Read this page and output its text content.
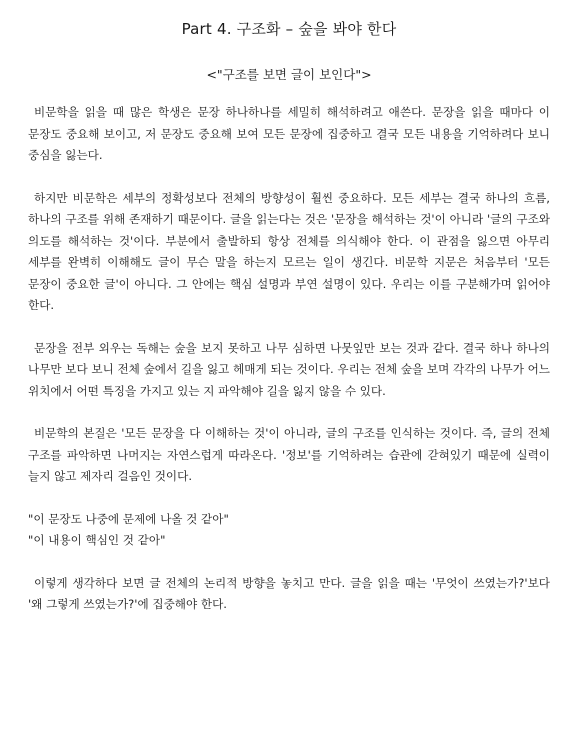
Part 4. 구조화 – 숲을 봐야 한다

<"구조를 보면 글이 보인다">

비문학을 읽을 때 많은 학생은 문장 하나하나를 세밀히 해석하려고 애쓴다. 문장을 읽을 때마다 이 문장도 중요해 보이고, 저 문장도 중요해 보여 모든 문장에 집중하고 결국 모든 내용을 기억하려다 보니 중심을 잃는다.

하지만 비문학은 세부의 정확성보다 전체의 방향성이 훨씬 중요하다. 모든 세부는 결국 하나의 흐름, 하나의 구조를 위해 존재하기 때문이다. 글을 읽는다는 것은 '문장을 해석하는 것'이 아니라 '글의 구조와 의도를 해석하는 것'이다. 부분에서 출발하되 항상 전체를 의식해야 한다. 이 관점을 잃으면 아무리 세부를 완벽히 이해해도 글이 무슨 말을 하는지 모르는 일이 생긴다. 비문학 지문은 처음부터 '모든 문장이 중요한 글'이 아니다. 그 안에는 핵심 설명과 부연 설명이 있다. 우리는 이를 구분해가며 읽어야 한다.

문장을 전부 외우는 독해는 숲을 보지 못하고 나무 심하면 나뭇잎만 보는 것과 같다. 결국 하나 하나의 나무만 보다 보니 전체 숲에서 길을 잃고 헤매게 되는 것이다. 우리는 전체 숲을 보며 각각의 나무가 어느 위치에서 어떤 특징을 가지고 있는 지 파악해야 길을 잃지 않을 수 있다.

비문학의 본질은 '모든 문장을 다 이해하는 것'이 아니라, 글의 구조를 인식하는 것이다. 즉, 글의 전체 구조를 파악하면 나머지는 자연스럽게 따라온다. '정보'를 기억하려는 습관에 갇혀있기 때문에 실력이 늘지 않고 제자리 걸음인 것이다.

"이 문장도 나중에 문제에 나올 것 같아"

"이 내용이 핵심인 것 같아"

이렇게 생각하다 보면 글 전체의 논리적 방향을 놓치고 만다. 글을 읽을 때는 '무엇이 쓰였는가?'보다 '왜 그렇게 쓰였는가?'에 집중해야 한다.
